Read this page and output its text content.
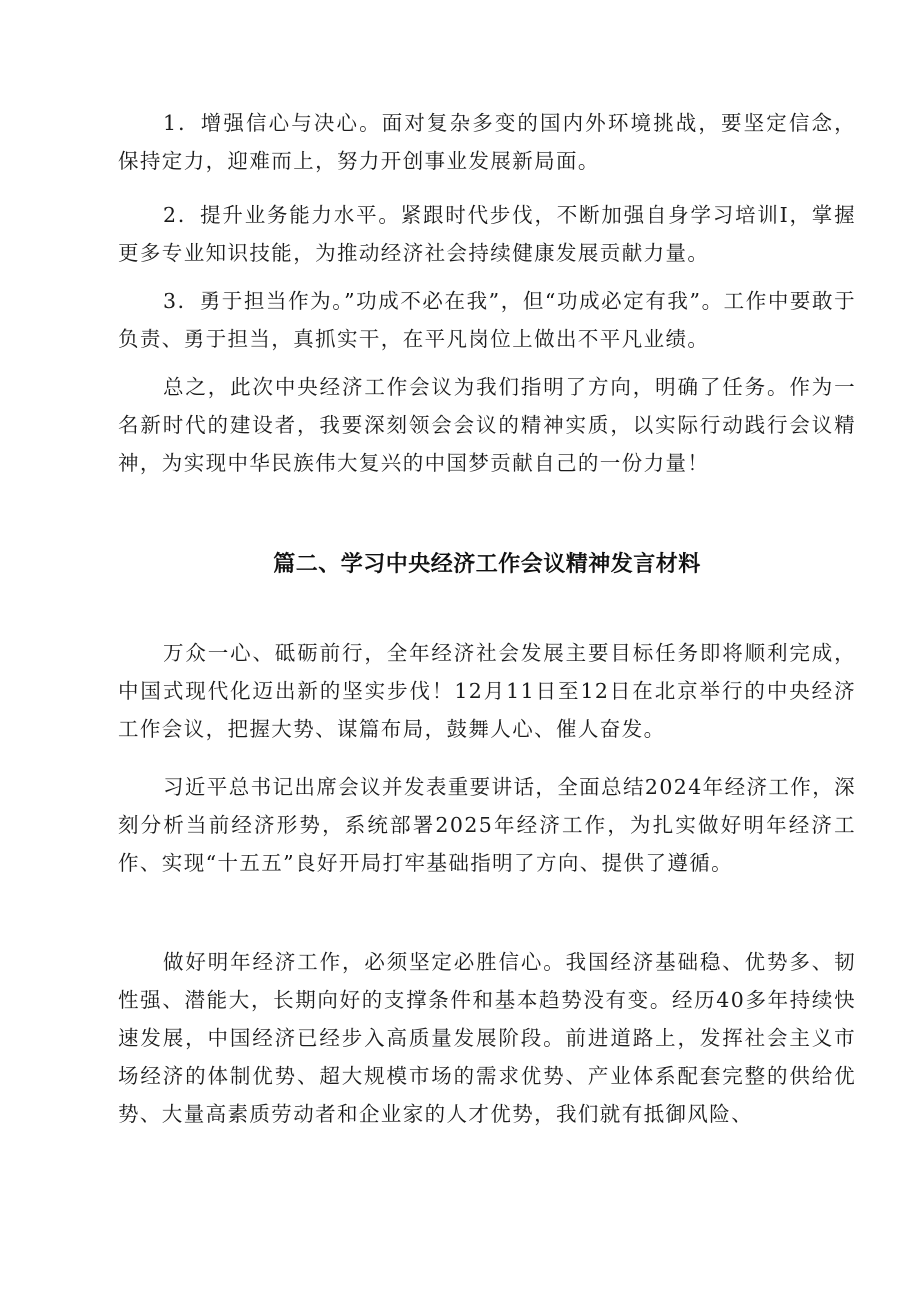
1．增强信心与决心。面对复杂多变的国内外环境挑战，要坚定信念，保持定力，迎难而上，努力开创事业发展新局面。

2．提升业务能力水平。紧跟时代步伐，不断加强自身学习培训I，掌握更多专业知识技能，为推动经济社会持续健康发展贡献力量。

3．勇于担当作为。”功成不必在我”，但“功成必定有我”。工作中要敢于负责、勇于担当，真抓实干，在平凡岗位上做出不平凡业绩。

总之，此次中央经济工作会议为我们指明了方向，明确了任务。作为一名新时代的建设者，我要深刻领会会议的精神实质，以实际行动践行会议精神，为实现中华民族伟大复兴的中国梦贡献自己的一份力量！

篇二、学习中央经济工作会议精神发言材料

万众一心、砥砺前行，全年经济社会发展主要目标任务即将顺利完成，中国式现代化迈出新的坚实步伐！12月11日至12日在北京举行的中央经济工作会议，把握大势、谋篇布局，鼓舞人心、催人奋发。

习近平总书记出席会议并发表重要讲话，全面总结2024年经济工作，深刻分析当前经济形势，系统部署2025年经济工作，为扎实做好明年经济工作、实现“十五五”良好开局打牢基础指明了方向、提供了遵循。

做好明年经济工作，必须坚定必胜信心。我国经济基础稳、优势多、韧性强、潜能大，长期向好的支撑条件和基本趋势没有变。经历40多年持续快速发展，中国经济已经步入高质量发展阶段。前进道路上，发挥社会主义市场经济的体制优势、超大规模市场的需求优势、产业体系配套完整的供给优势、大量高素质劳动者和企业家的人才优势，我们就有抵御风险、
